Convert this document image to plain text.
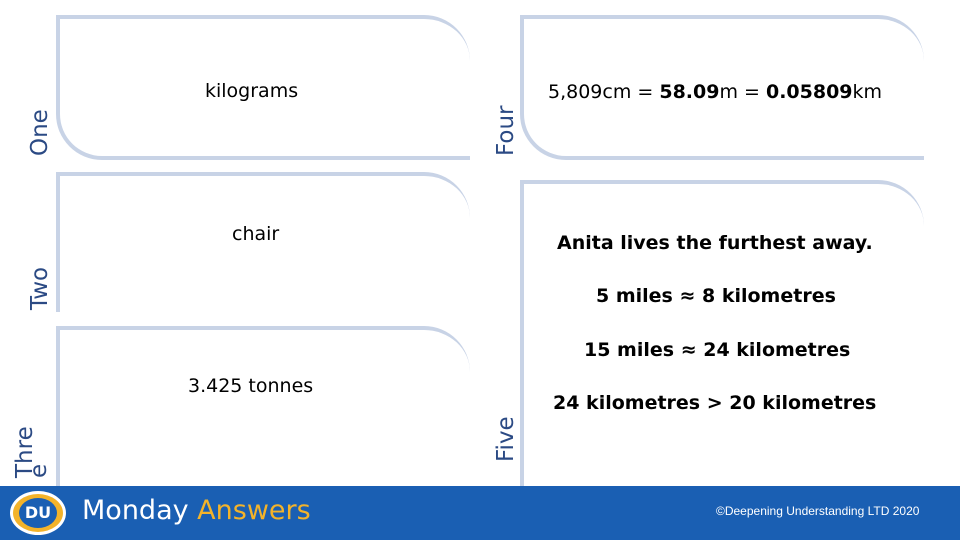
One
kilograms
Two
chair
Thre
e
3.425 tonnes
Four
5,809cm = 58.09m = 0.05809km
Five
Anita lives the furthest away.
5 miles ≈ 8 kilometres
15 miles ≈ 24 kilometres
24 kilometres > 20 kilometres
DU Monday Answers	©Deepening Understanding LTD 2020
